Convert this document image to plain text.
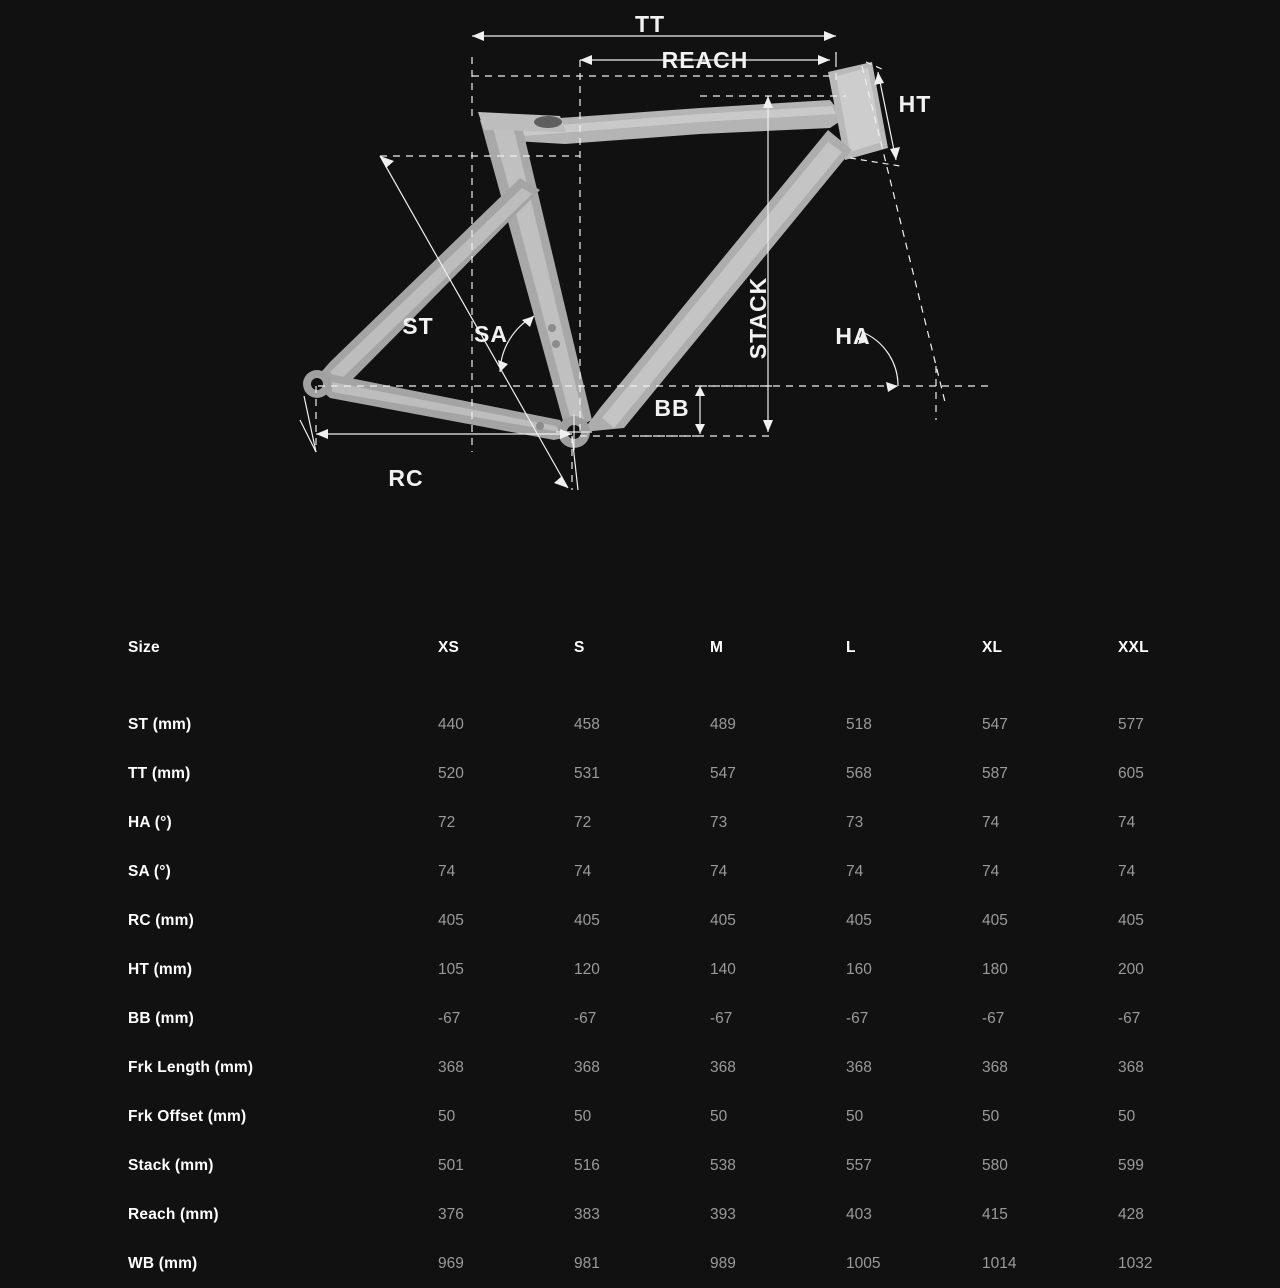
TT
REACH
HT
ST SA	STACK	HA
BB
RC
Size	XS	S	M	L	XL	XXL
ST (mm)	440	458	489	518	547	577
TT (mm)	520	531	547	568	587	605
HA (°)	72	72	73	73	74	74
SA (°)	74	74	74	74	74	74
RC (mm)	405	405	405	405	405	405
HT (mm)	105	120	140	160	180	200
BB (mm)	-67	-67	-67	-67	-67	-67
Frk Length (mm)	368	368	368	368	368	368
Frk Offset (mm)	50	50	50	50	50	50
Stack (mm)	501	516	538	557	580	599
Reach (mm)	376	383	393	403	415	428
WB (mm)	969	981	989	1005	1014	1032
